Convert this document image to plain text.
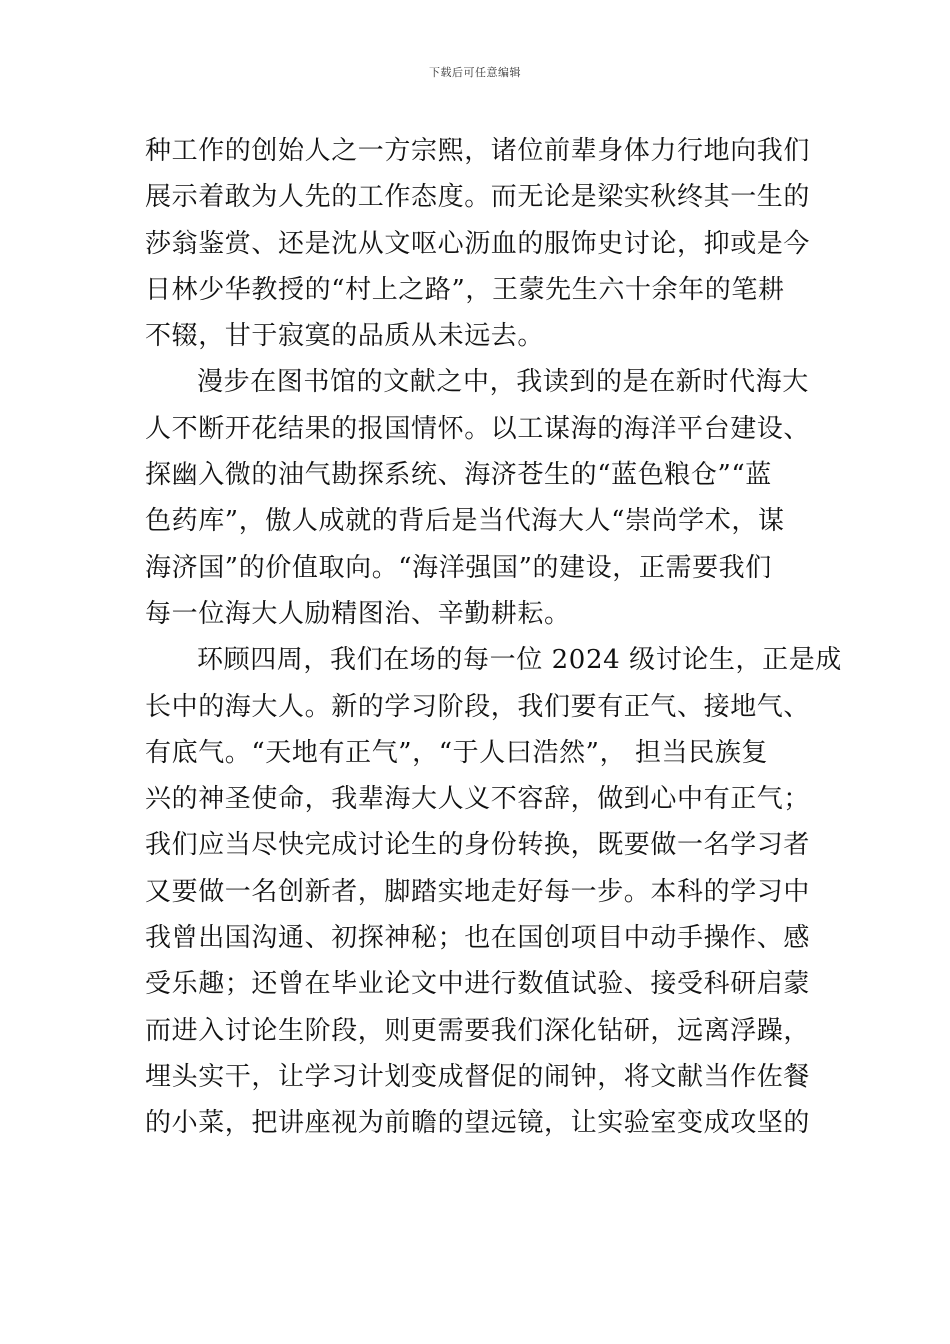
下载后可任意编辑
种工作的创始人之一方宗熙，诸位前辈身体力行地向我们
展示着敢为人先的工作态度。而无论是梁实秋终其一生的
莎翁鉴赏、还是沈从文呕心沥血的服饰史讨论，抑或是今
日林少华教授的“村上之路”，王蒙先生六十余年的笔耕
不辍，甘于寂寞的品质从未远去。
漫步在图书馆的文献之中，我读到的是在新时代海大
人不断开花结果的报国情怀。以工谋海的海洋平台建设、
探幽入微的油气勘探系统、海济苍生的“蓝色粮仓”“蓝
色药库”，傲人成就的背后是当代海大人“崇尚学术，谋
海济国”的价值取向。“海洋强国”的建设，正需要我们
每一位海大人励精图治、辛勤耕耘。
环顾四周，我们在场的每一位 2024 级讨论生，正是成
长中的海大人。新的学习阶段，我们要有正气、接地气、
有底气。“天地有正气”，“于人曰浩然”， 担当民族复
兴的神圣使命，我辈海大人义不容辞，做到心中有正气；
我们应当尽快完成讨论生的身份转换，既要做一名学习者
又要做一名创新者，脚踏实地走好每一步。本科的学习中
我曾出国沟通、初探神秘；也在国创项目中动手操作、感
受乐趣；还曾在毕业论文中进行数值试验、接受科研启蒙
而进入讨论生阶段，则更需要我们深化钻研，远离浮躁，
埋头实干，让学习计划变成督促的闹钟，将文献当作佐餐
的小菜，把讲座视为前瞻的望远镜，让实验室变成攻坚的
